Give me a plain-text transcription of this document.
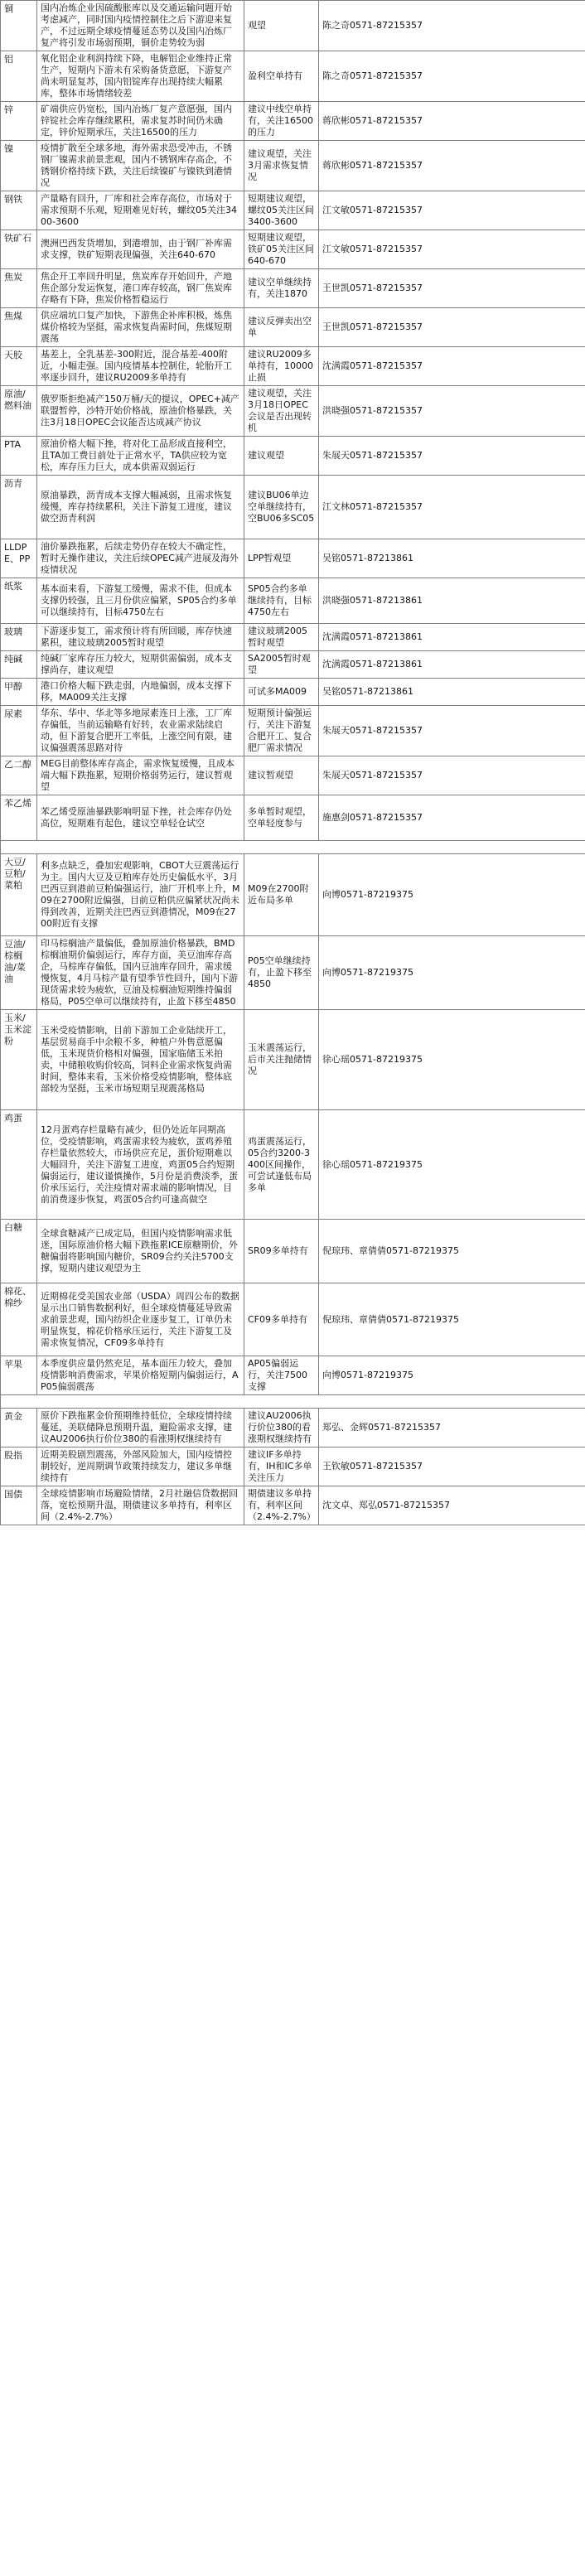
铜	国内冶炼企业因硫酸胀库以及交通运输问题开始考虑减产，同时国内疫情控制住之后下游迎来复产，不过远期全球疫情蔓延态势以及国内冶炼厂复产将引发市场弱预期，铜价走势较为弱	观望	陈之奇0571-87215357
铝	氧化铝企业利润持续下降，电解铝企业维持正常生产，短期内下游未有采购备货意愿，下游复产尚未明显复苏，国内铝锭库存出现持续大幅累库，整体市场情绪较差	盈利空单持有	陈之奇0571-87215357
锌	矿端供应仍宽松，国内冶炼厂复产意愿强，国内锌锭社会库存继续累积，需求复苏时间仍未确定，锌价短期承压，关注16500的压力	建议中线空单持有，关注16500的压力	蒋欣彬0571-87215357
镍	疫情扩散至全球多地，海外需求恐受冲击，不锈钢厂镍需求前景悲观，国内不锈钢库存高企，不锈钢价格持续下跌，关注后续镍矿与镍铁到港情况	建议观望，关注3月需求恢复情况	蒋欣彬0571-87215357
钢铁	产量略有回升，厂库和社会库存高位，市场对于需求预期不乐观，短期难见好转，螺纹05关注3400-3600	短期建议观望，螺纹05关注区间3400-3600	江文敏0571-87215357
铁矿石	澳洲巴西发货增加，到港增加，由于钢厂补库需求支撑，铁矿短期表现偏强，关注640-670	短期建议观望，铁矿05关注区间640-670	江文敏0571-87215357
焦炭	焦企开工率回升明显，焦炭库存开始回升，产地焦企部分发运恢复，港口库存较高，钢厂焦炭库存略有下降，焦炭价格暂稳运行	建议空单继续持有，关注1870	王世凯0571-87215357
焦煤	供应端坑口复产加快，下游焦企补库积极，炼焦煤价格较为坚挺，需求恢复尚需时间，焦煤短期震荡	建议反弹卖出空单	王世凯0571-87215357
天胶	基差上，全乳基差-300附近，混合基差-400附近，小幅走强。国内疫情基本控制住，轮胎开工率逐步回升，建议RU2009多单持有	建议RU2009多单持有，10000止损	沈满霞0571-87215357
原油/燃料油	俄罗斯拒绝减产150万桶/天的提议，OPEC+减产联盟暂停，沙特开始价格战，原油价格暴跌，关注3月18日OPEC会议能否达成减产协议	建议观望，关注3月18日OPEC会议是否出现转机	洪晓强0571-87215357
PTA	原油价格大幅下挫，将对化工品形成直接利空，且TA加工费目前处于正常水平，TA供应较为宽松，库存压力巨大，成本供需双弱运行	建议观望	朱展天0571-87215357
沥青	原油暴跌，沥青成本支撑大幅减弱，且需求恢复缓慢，库存持续累积，关注下游复工进度，建议做空沥青利润	建议BU06单边空单继续持有，空BU06多SC05	江文林0571-87215357
LLDPE、PP	油价暴跌拖累，后续走势仍存在较大不确定性，暂时无操作建议，关注后续OPEC减产进展及海外疫情状况	LPP暂观望	吴铭0571-87213861
纸浆	基本面来看，下游复工缓慢，需求不佳，但成本支撑仍较强，且三月份供应偏紧，SP05合约多单可以继续持有，目标4750左右	SP05合约多单继续持有，目标4750左右	洪晓强0571-87213861
玻璃	下游逐步复工，需求预计将有所回暖，库存快速累积，建议玻璃2005暂时观望	建议玻璃2005暂时观望	沈满霞0571-87213861
纯碱	纯碱厂家库存压力较大，短期供需偏弱，成本支撑尚存，建议观望	SA2005暂时观望	沈满霞0571-87213861
甲醇	港口价格大幅下跌走弱，内地偏弱，成本支撑下移，MA009关注支撑	可试多MA009	吴铭0571-87213861
尿素	华东、华中、华北等多地尿素连日上涨，工厂库存偏低，当前运输略有好转，农业需求陆续启动，但下游复合肥开工率低，上涨空间有限，建议偏强震荡思路对待	短期预计偏强运行，关注下游复合肥开工、复合肥厂需求情况	朱展天0571-87215357
乙二醇	MEG目前整体库存高企，需求恢复缓慢，且成本端大幅下跌拖累，短期价格弱势运行，建议暂观望	建议暂观望	朱展天0571-87215357
苯乙烯	苯乙烯受原油暴跌影响明显下挫，社会库存仍处高位，短期难有起色，建议空单轻仓试空	多单暂时观望，空单轻度参与	施惠剑0571-87215357

大豆/豆粕/菜粕	利多点缺乏，叠加宏观影响，CBOT大豆震荡运行为主。国内大豆及豆粕库存处历史偏低水平，3月巴西豆到港前豆粕偏强运行，油厂开机率上升，M09在2700附近偏强，目前豆粕供应偏紧状况尚未得到改善，近期关注巴西豆到港情况，M09在2700附近有支撑	M09在2700附近布局多单	向博0571-87219375
豆油/棕榈油/菜油	印马棕榈油产量偏低，叠加原油价格暴跌，BMD棕榈油期价偏弱运行，库存方面，美豆油库存高企，马棕库存偏低，国内豆油库存回升，需求缓慢恢复，4月马棕产量有望季节性回升，国内下游现货需求较为疲软，豆油及棕榈油短期维持偏弱格局，P05空单可以继续持有，止盈下移至4850	P05空单继续持有，止盈下移至4850	向博0571-87219375
玉米/玉米淀粉	玉米受疫情影响，目前下游加工企业陆续开工，基层贸易商手中余粮不多，种植户外售意愿偏低，玉米现货价格相对偏强，国家临储玉米拍卖，中储粮收购价较高，饲料企业需求恢复尚需时间，整体来看，玉米价格受疫情影响，整体底部较为坚挺，玉米市场短期呈现震荡格局	玉米震荡运行，后市关注抛储情况	徐心瑶0571-87219375
鸡蛋	12月蛋鸡存栏量略有减少，但仍处近年同期高位，受疫情影响，鸡蛋需求较为疲软，蛋鸡养殖存栏量依然较大，市场供应充足，蛋价短期难以大幅回升，关注下游复工进度，鸡蛋05合约短期偏弱运行，建议谨慎操作，5月份是消费淡季，蛋价承压运行，关注疫情对需求端的影响情况，目前消费逐步恢复，鸡蛋05合约可逢高做空	鸡蛋震荡运行，05合约3200-3400区间操作，可尝试逢低布局多单	徐心瑶0571-87219375
白糖	全球食糖减产已成定局，但国内疫情影响需求低迷，国际原油价格大幅下跌拖累ICE原糖期价，外糖偏弱将影响国内糖价，SR09合约关注5700支撑，短期内建议观望为主	SR09多单持有	倪琼玮、章倩倩0571-87219375
棉花、棉纱	近期棉花受美国农业部（USDA）周四公布的数据显示出口销售数据利好，但全球疫情蔓延导致需求前景悲观，国内纺织企业逐步复工，订单仍未明显恢复，棉花价格承压运行，关注下游复工及需求恢复情况，CF09多单持有	CF09多单持有	倪琼玮、章倩倩0571-87219375
苹果	本季度供应量仍然充足，基本面压力较大，叠加疫情影响消费需求，苹果价格短期内偏弱运行，AP05偏弱震荡	AP05偏弱运行，关注7500支撑	向博0571-87219375

黄金	原价下跌拖累金价预期维持低位，全球疫情持续蔓延，美联储降息预期升温，避险需求支撑，建议AU2006执行价位380的看涨期权继续持有	建议AU2006执行价位380的看涨期权继续持有	郑弘、金辉0571-87215357
股指	近期美股剧烈震荡，外部风险加大，国内疫情控制较好，逆周期调节政策持续发力，建议多单继续持有	建议IF多单持有，IH和IC多单关注压力	王钦敏0571-87215357
国债	全球疫情影响市场避险情绪，2月社融信贷数据回落，宽松预期升温，期债建议多单持有，利率区间（2.4%-2.7%）	期债建议多单持有，利率区间（2.4%-2.7%）	沈文卓、郑弘0571-87215357
